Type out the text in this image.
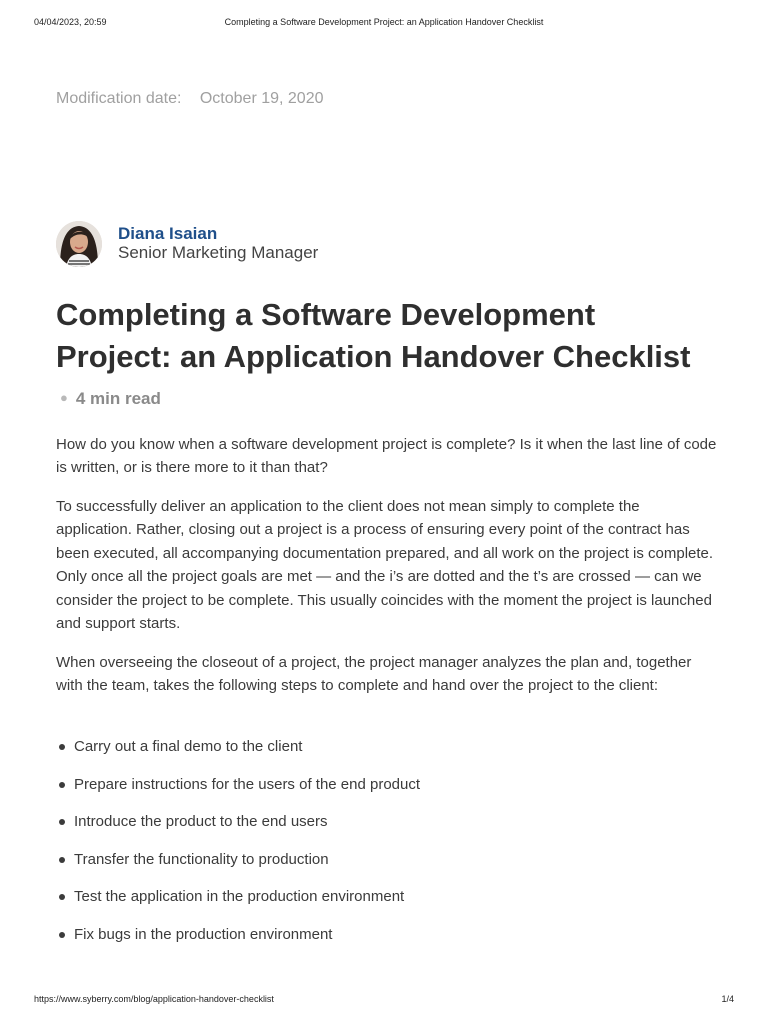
04/04/2023, 20:59	Completing a Software Development Project: an Application Handover Checklist
Modification date: October 19, 2020
Diana Isaian
Senior Marketing Manager
Completing a Software Development Project: an Application Handover Checklist
● 4 min read

How do you know when a software development project is complete? Is it when the last line of code is written, or is there more to it than that?

To successfully deliver an application to the client does not mean simply to complete the application. Rather, closing out a project is a process of ensuring every point of the contract has been executed, all accompanying documentation prepared, and all work on the project is complete. Only once all the project goals are met — and the i’s are dotted and the t’s are crossed — can we consider the project to be complete. This usually coincides with the moment the project is launched and support starts.

When overseeing the closeout of a project, the project manager analyzes the plan and, together with the team, takes the following steps to complete and hand over the project to the client:

Carry out a final demo to the client
Prepare instructions for the users of the end product
Introduce the product to the end users
Transfer the functionality to production
Test the application in the production environment
Fix bugs in the production environment
https://www.syberry.com/blog/application-handover-checklist	1/4
